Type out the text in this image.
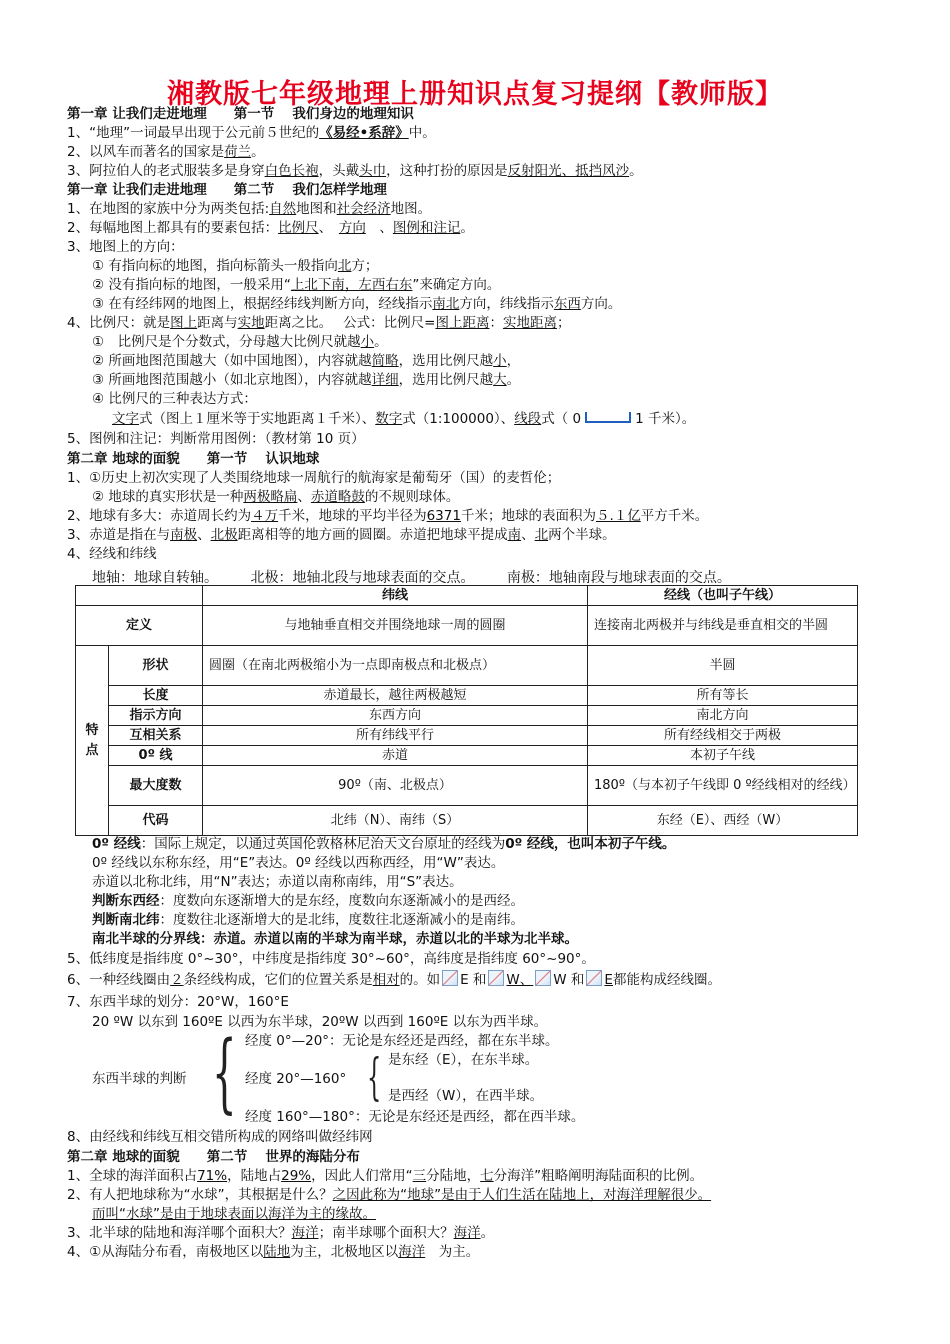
湘教版七年级地理上册知识点复习提纲【教师版】
第一章 让我们走进地理　　第一节　 我们身边的地理知识
1、“地理”一词最早出现于公元前５世纪的《易经•系辞》中。
2、以风车而著名的国家是荷兰。
3、阿拉伯人的老式服装多是身穿白色长袍，头戴头巾，这种打扮的原因是反射阳光、抵挡风沙。
第一章 让我们走进地理　　第二节　 我们怎样学地理
1、在地图的家族中分为两类包括:自然地图和社会经济地图。
2、每幅地图上都具有的要素包括：比例尺、　方向　、图例和注记。
3、地图上的方向：
① 有指向标的地图，指向标箭头一般指向北方；
② 没有指向标的地图，一般采用“上北下南，左西右东”来确定方向。
③ 在有经纬网的地图上，根据经纬线判断方向，经线指示南北方向，纬线指示东西方向。
4、比例尺：就是图上距离与实地距离之比。　 公式：比例尺=图上距离：实地距离；
①　比例尺是个分数式，分母越大比例尺就越小。
② 所画地图范围越大（如中国地图），内容就越简略，选用比例尺越小，
③ 所画地图范围越小（如北京地图），内容就越详细，选用比例尺越大。
④ 比例尺的三种表达方式：
文字式（图上１厘米等于实地距离１千米）、数字式（1:100000）、线段式（ 0	1 千米）。
5、图例和注记：判断常用图例：（教材第 10 页）
第二章 地球的面貌　　第一节　 认识地球
1、①历史上初次实现了人类围绕地球一周航行的航海家是葡萄牙（国）的麦哲伦；
② 地球的真实形状是一种两极略扁、赤道略鼓的不规则球体。
2、地球有多大：赤道周长约为４万千米，地球的平均半径为6371千米；地球的表面积为５.１亿平方千米。
3、赤道是指在与南极、北极距离相等的地方画的圆圈。赤道把地球平提成南、北两个半球。
4、经线和纬线
地轴：地球自转轴。 北极：地轴北段与地球表面的交点。 南极：地轴南段与地球表面的交点。
		纬线	经线（也叫子午线）
定义		与地轴垂直相交并围绕地球一周的圆圈	连接南北两极并与纬线是垂直相交的半圆
特点	形状	圆圈（在南北两极缩小为一点即南极点和北极点）	半圆
	长度	赤道最长，越往两极越短	所有等长
	指示方向	东西方向	南北方向
	互相关系	所有纬线平行	所有经线相交于两极
	0º 线	赤道	本初子午线
	最大度数	90º（南、北极点）	180º（与本初子午线即 0 º经线相对的经线）
	代码	北纬（N）、南纬（S）	东经（E）、西经（W）
0º 经线：国际上规定，以通过英国伦敦格林尼治天文台原址的经线为0º 经线，也叫本初子午线。
0º 经线以东称东经，用“E”表达。0º 经线以西称西经，用“W”表达。
赤道以北称北纬，用“N”表达；赤道以南称南纬，用“S”表达。
判断东西经：度数向东逐渐增大的是东经，度数向东逐渐减小的是西经。
判断南北纬：度数往北逐渐增大的是北纬，度数往北逐渐减小的是南纬。
南北半球的分界线：赤道。赤道以南的半球为南半球，赤道以北的半球为北半球。
5、低纬度是指纬度 0°~30°，中纬度是指纬度 30°~60°，高纬度是指纬度 60°~90°。
6、一种经线圈由２条经线构成，它们的位置关系是相对的。如 E 和 W、 W 和 E都能构成经线圈。
7、东西半球的划分：20°W，160°E
20 ºW 以东到 160ºE 以西为东半球，20ºW 以西到 160ºE 以东为西半球。
东西半球的判断 { 经度 0°—20°：无论是东经还是西经，都在东半球。
经度 20°—160° { 是东经（E），在东半球。
是西经（W），在西半球。
经度 160°—180°：无论是东经还是西经，都在西半球。
8、由经线和纬线互相交错所构成的网络叫做经纬网
第二章 地球的面貌　　第二节　 世界的海陆分布
1、全球的海洋面积占71%，陆地占29%，因此人们常用“三分陆地，七分海洋”粗略阐明海陆面积的比例。
2、有人把地球称为“水球”，其根据是什么？之因此称为“地球”是由于人们生活在陆地上，对海洋理解很少。
而叫“水球”是由于地球表面以海洋为主的缘故。
3、北半球的陆地和海洋哪个面积大？海洋；南半球哪个面积大？海洋。
4、①从海陆分布看，南极地区以陆地为主，北极地区以海洋　为主。
